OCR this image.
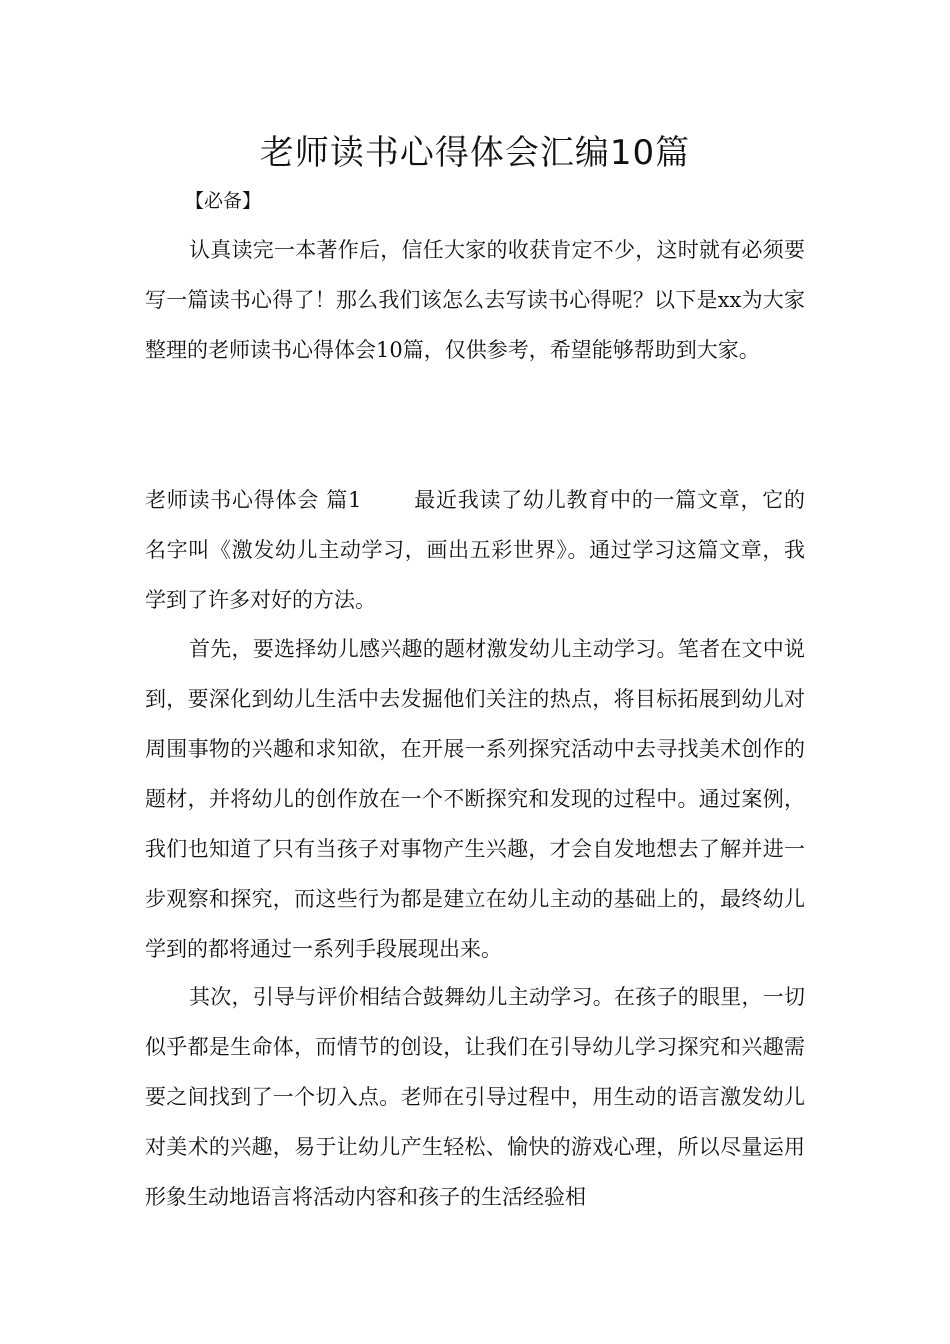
老师读书心得体会汇编10篇
【必备】

认真读完一本著作后，信任大家的收获肯定不少，这时就有必须要写一篇读书心得了！那么我们该怎么去写读书心得呢？以下是xx为大家整理的老师读书心得体会10篇，仅供参考，希望能够帮助到大家。

老师读书心得体会 篇1 最近我读了幼儿教育中的一篇文章，它的名字叫《激发幼儿主动学习，画出五彩世界》。通过学习这篇文章，我学到了许多对好的方法。

首先，要选择幼儿感兴趣的题材激发幼儿主动学习。笔者在文中说到，要深化到幼儿生活中去发掘他们关注的热点，将目标拓展到幼儿对周围事物的兴趣和求知欲，在开展一系列探究活动中去寻找美术创作的题材，并将幼儿的创作放在一个不断探究和发现的过程中。通过案例，我们也知道了只有当孩子对事物产生兴趣，才会自发地想去了解并进一步观察和探究，而这些行为都是建立在幼儿主动的基础上的，最终幼儿学到的都将通过一系列手段展现出来。

其次，引导与评价相结合鼓舞幼儿主动学习。在孩子的眼里，一切似乎都是生命体，而情节的创设，让我们在引导幼儿学习探究和兴趣需要之间找到了一个切入点。老师在引导过程中，用生动的语言激发幼儿对美术的兴趣，易于让幼儿产生轻松、愉快的游戏心理，所以尽量运用形象生动地语言将活动内容和孩子的生活经验相
